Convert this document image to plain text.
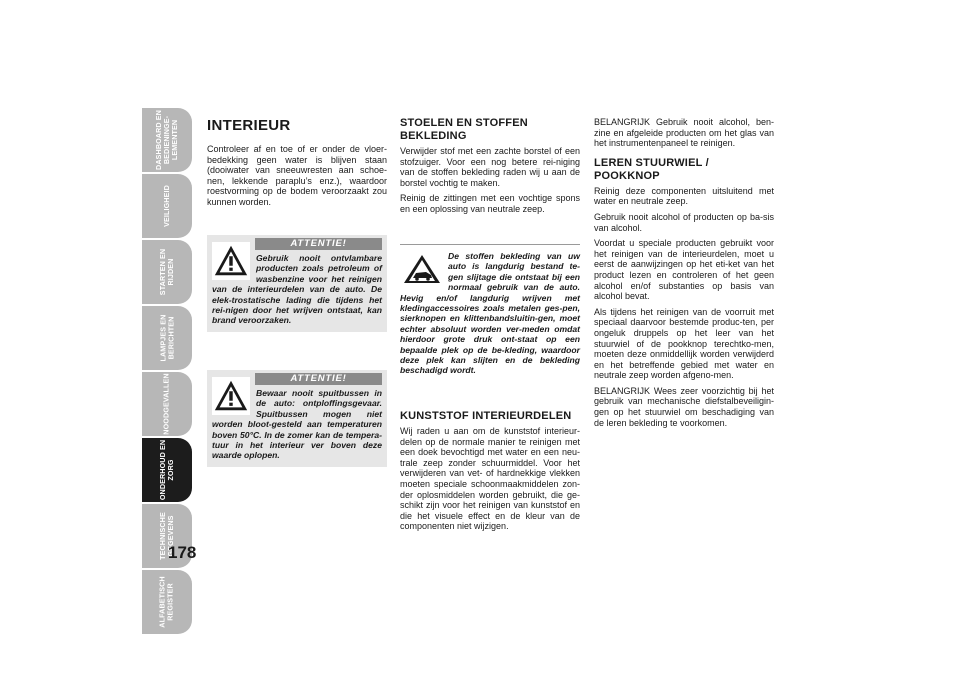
DASHBOARD EN
BEDIENINGE-
LEMENTEN
VEILIGHEID
STARTEN EN
RIJDEN
LAMPJES EN
BERICHTEN
NOODGEVALLEN
ONDERHOUD EN
ZORG
TECHNISCHE
GEGEVENS
ALFABETISCH
REGISTER
178
INTERIEUR

Controleer af en toe of er onder de vloer-bedekking geen water is blijven staan (dooiwater van sneeuwresten aan schoe-nen, lekkende paraplu’s enz.), waardoor roestvorming op de bodem veroorzaakt zou kunnen worden.

ATTENTIE!

Gebruik nooit ontvlambare producten zoals petroleum of wasbenzine voor het reinigen van de interieurdelen van de auto. De elek-trostatische lading die tijdens het rei-nigen door het wrijven ontstaat, kan brand veroorzaken.

ATTENTIE!

Bewaar nooit spuitbussen in de auto: ontploffingsgevaar. Spuitbussen mogen niet worden bloot-gesteld aan temperaturen boven 50°C. In de zomer kan de tempera-tuur in het interieur ver boven deze waarde oplopen.

STOELEN EN STOFFEN BEKLEDING

Verwijder stof met een zachte borstel of een stofzuiger. Voor een nog betere rei-niging van de stoffen bekleding raden wij u aan de borstel vochtig te maken.

Reinig de zittingen met een vochtige spons en een oplossing van neutrale zeep.

De stoffen bekleding van uw auto is langdurig bestand te-gen slijtage die ontstaat bij een normaal gebruik van de auto. Hevig en/of langdurig wrijven met kledingaccessoires zoals metalen ges-pen, sierknopen en klittenbandsluitin-gen, moet echter absoluut worden ver-meden omdat hierdoor grote druk ont-staat op een bepaalde plek op de be-kleding, waardoor deze plek kan slijten en de bekleding beschadigd wordt.

KUNSTSTOF INTERIEURDELEN

Wij raden u aan om de kunststof interieur-delen op de normale manier te reinigen met een doek bevochtigd met water en een neu-trale zeep zonder schuurmiddel. Voor het verwijderen van vet- of hardnekkige vlekken moeten speciale schoonmaakmiddelen zon-der oplosmiddelen worden gebruikt, die ge-schikt zijn voor het reinigen van kunststof en die het visuele effect en de kleur van de componenten niet wijzigen.

BELANGRIJK Gebruik nooit alcohol, ben-zine en afgeleide producten om het glas van het instrumentenpaneel te reinigen.

LEREN STUURWIEL / POOKKNOP

Reinig deze componenten uitsluitend met water en neutrale zeep.

Gebruik nooit alcohol of producten op ba-sis van alcohol.

Voordat u speciale producten gebruikt voor het reinigen van de interieurdelen, moet u eerst de aanwijzingen op het eti-ket van het product lezen en controleren of het geen alcohol en/of substanties op basis van alcohol bevat.

Als tijdens het reinigen van de voorruit met speciaal daarvoor bestemde produc-ten, per ongeluk druppels op het leer van het stuurwiel of de pookknop terechtko-men, moeten deze onmiddellijk worden verwijderd en het betreffende gebied met water en neutrale zeep worden afgeno-men.

BELANGRIJK Wees zeer voorzichtig bij het gebruik van mechanische diefstalbeveiligin-gen op het stuurwiel om beschadiging van de leren bekleding te voorkomen.
